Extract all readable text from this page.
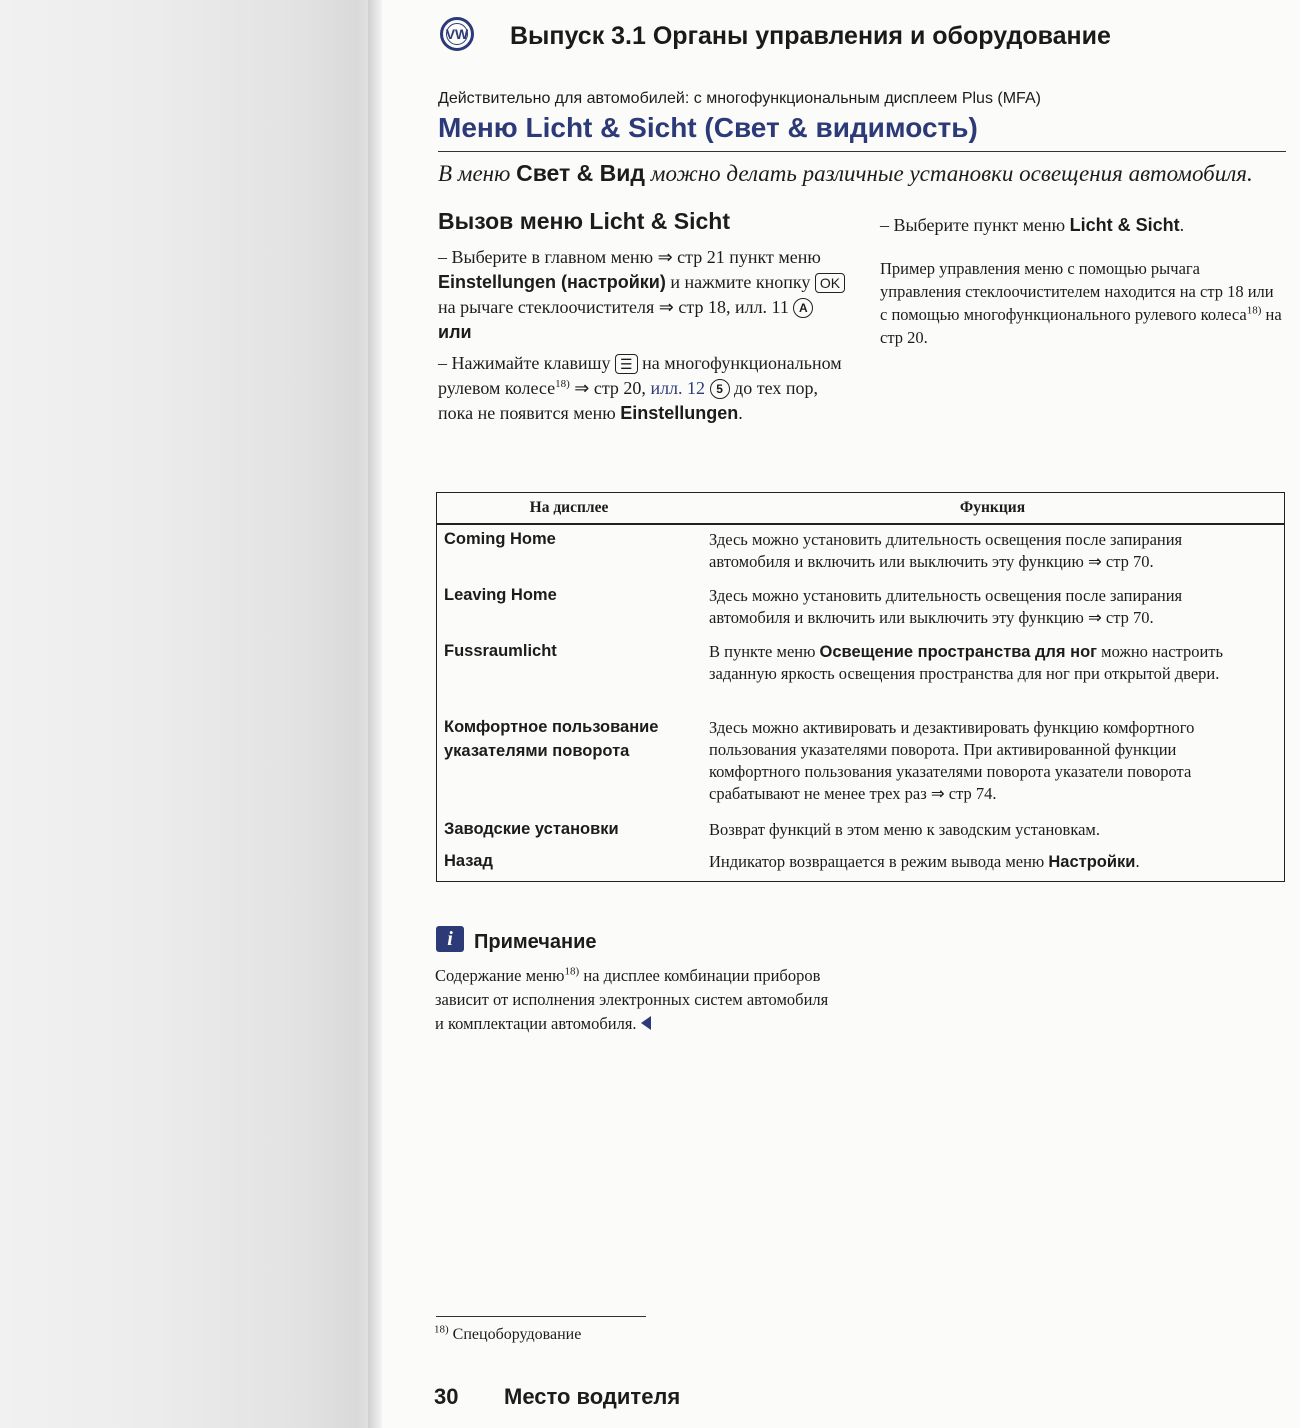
VW Выпуск 3.1 Органы управления и оборудование
Действительно для автомобилей: с многофункциональным дисплеем Plus (MFA)
Меню Licht & Sicht (Свет & видимость)
В меню Свет & Вид можно делать различные установки освещения автомобиля.
Вызов меню Licht & Sicht

– Выберите в главном меню ⇒ стр 21 пункт меню Einstellungen (настройки) и нажмите кнопку OK на рычаге стеклоочистителя ⇒ стр 18, илл. 11 A или

– Нажимайте клавишу ☰ на многофункциональном рулевом колесе$^{18)}$ ⇒ стр 20, илл. 12 5 до тех пор, пока не появится меню Einstellungen.

– Выберите пункт меню Licht & Sicht.

Пример управления меню с помощью рычага управления стеклоочистителем находится на стр 18 или с помощью многофункционального рулевого колеса$^{18)}$ на стр 20.

На дисплее	Функция
Coming Home	Здесь можно установить длительность освещения после запирания автомобиля и включить или выключить эту функцию ⇒ стр 70.
Leaving Home	Здесь можно установить длительность освещения после запирания автомобиля и включить или выключить эту функцию ⇒ стр 70.
Fussraumlicht	В пункте меню Освещение пространства для ног можно настроить заданную яркость освещения пространства для ног при открытой двери.
Комфортное пользование указателями поворота	Здесь можно активировать и дезактивировать функцию комфортного пользования указателями поворота. При активированной функции комфортного пользования указателями поворота указатели поворота срабатывают не менее трех раз ⇒ стр 74.
Заводские установки	Возврат функций в этом меню к заводским установкам.
Назад	Индикатор возвращается в режим вывода меню Настройки.
i	Примечание
Содержание меню$^{18)}$ на дисплее комбинации приборов зависит от исполнения электронных систем автомобиля и комплектации автомобиля.
$^{18)}$ Спецоборудование
30 Место водителя
